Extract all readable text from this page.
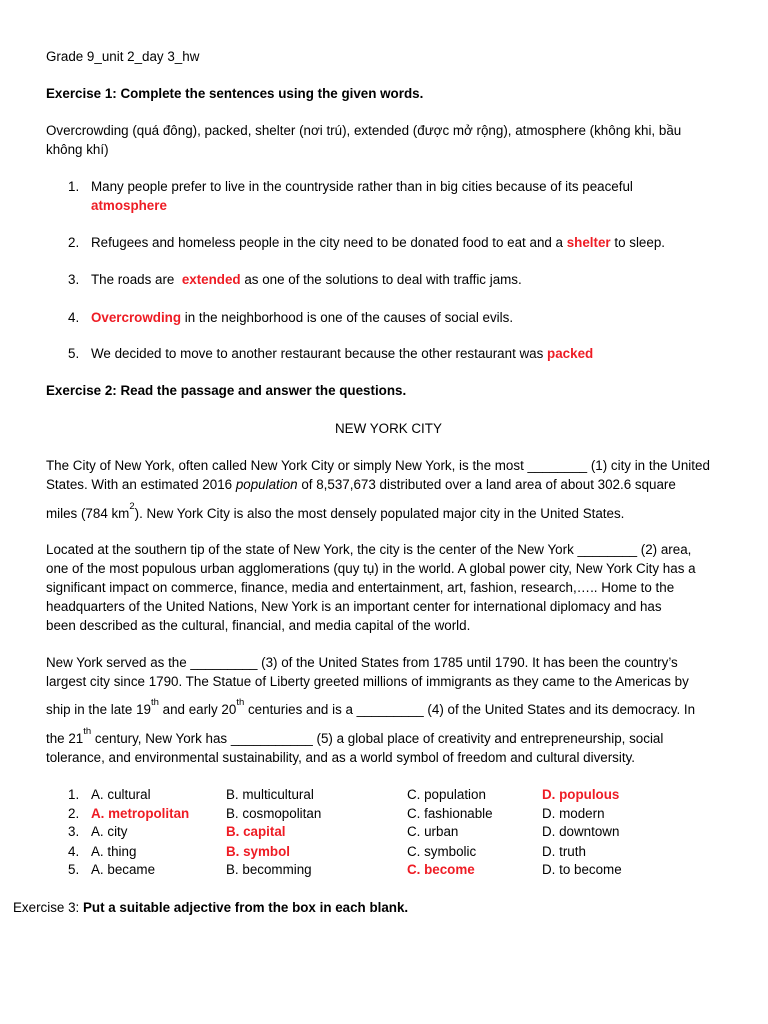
Grade 9_unit 2_day 3_hw
Exercise 1: Complete the sentences using the given words.
Overcrowding (quá đông), packed, shelter (nơi trú), extended (được mở rộng), atmosphere (không khi, bầu
không khí)
1. Many people prefer to live in the countryside rather than in big cities because of its peaceful
atmosphere
2. Refugees and homeless people in the city need to be donated food to eat and a shelter to sleep.
3. The roads are  extended as one of the solutions to deal with traffic jams.
4. Overcrowding in the neighborhood is one of the causes of social evils.
5. We decided to move to another restaurant because the other restaurant was packed
Exercise 2: Read the passage and answer the questions.
NEW YORK CITY
The City of New York, often called New York City or simply New York, is the most ________ (1) city in the United
States. With an estimated 2016 population of 8,537,673 distributed over a land area of about 302.6 square
miles (784 $km^2$). New York City is also the most densely populated major city in the United States.
Located at the southern tip of the state of New York, the city is the center of the New York ________ (2) area,
one of the most populous urban agglomerations (quy tụ) in the world. A global power city, New York City has a
significant impact on commerce, finance, media and entertainment, art, fashion, research,….. Home to the
headquarters of the United Nations, New York is an important center for international diplomacy and has
been described as the cultural, financial, and media capital of the world.
New York served as the _________ (3) of the United States from 1785 until 1790. It has been the country’s
largest city since 1790. The Statue of Liberty greeted millions of immigrants as they came to the Americas by
ship in the late 19th and early 20th centuries and is a _________ (4) of the United States and its democracy. In
the 21th century, New York has ___________ (5) a global place of creativity and entrepreneurship, social
tolerance, and environmental sustainability, and as a world symbol of freedom and cultural diversity.
1. A. cultural	B. multicultural	C. population	D. populous
2. A. metropolitan	B. cosmopolitan	C. fashionable	D. modern
3. A. city	B. capital	C. urban	D. downtown
4. A. thing	B. symbol	C. symbolic	D. truth
5. A. became	B. becomming	C. become	D. to become
Exercise 3: Put a suitable adjective from the box in each blank.
